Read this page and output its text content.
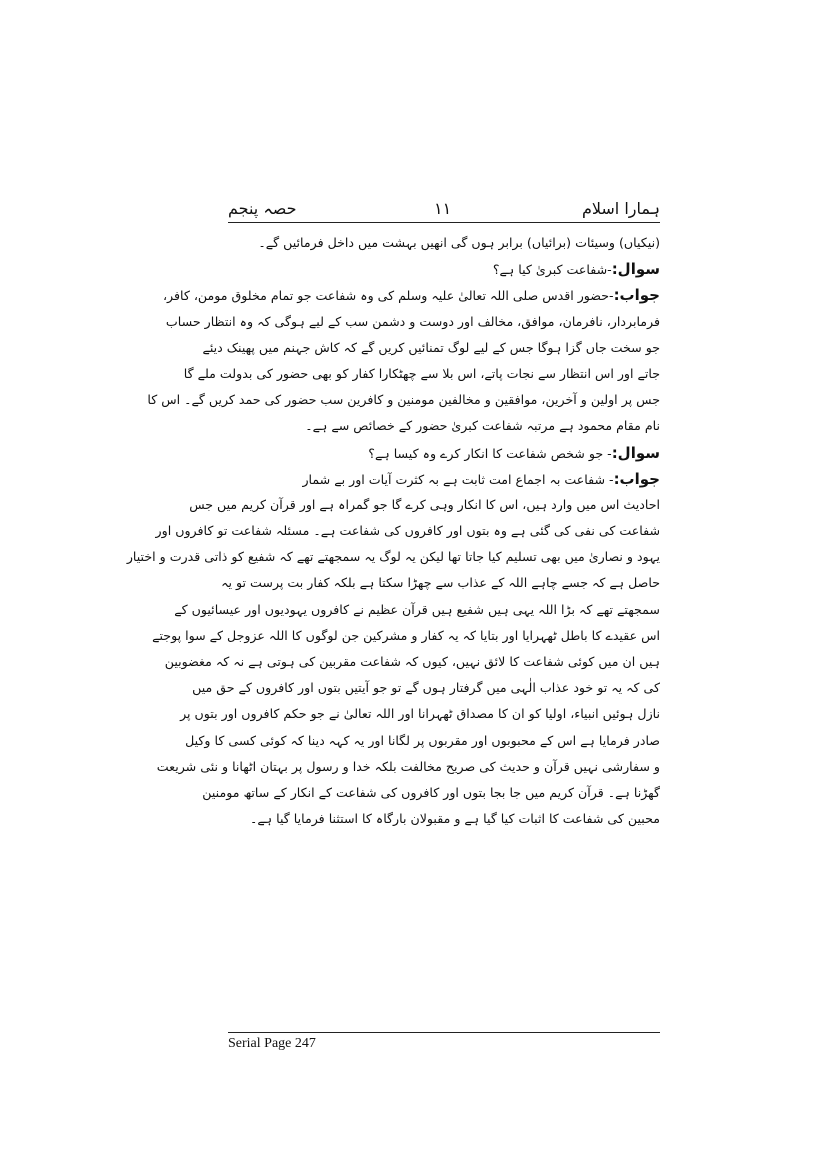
ہمارا اسلام
۱۱
حصہ پنجم
(نیکیاں) وسیئات (برائیاں) برابر ہوں گی انھیں بہشت میں داخل فرمائیں گے۔
سوال:-شفاعت کبریٰ کیا ہے؟
جواب:-حضور اقدس صلی اللہ تعالیٰ علیہ وسلم کی وہ شفاعت جو تمام مخلوق مومن، کافر،
فرمابردار، نافرمان، موافق، مخالف اور دوست و دشمن سب کے لیے ہوگی کہ وہ انتظار حساب
جو سخت جاں گزا ہوگا جس کے لیے لوگ تمنائیں کریں گے کہ کاش جہنم میں پھینک دیئے
جاتے اور اس انتظار سے نجات پاتے، اس بلا سے چھٹکارا کفار کو بھی حضور کی بدولت ملے گا
جس پر اولین و آخرین، موافقین و مخالفین مومنین و کافرین سب حضور کی حمد کریں گے۔ اس کا
نام مقام محمود ہے مرتبہ شفاعت کبریٰ حضور کے خصائص سے ہے۔
سوال:- جو شخص شفاعت کا انکار کرے وہ کیسا ہے؟
جواب:- شفاعت بہ اجماع امت ثابت ہے بہ کثرت آیات اور بے شمار
احادیث اس میں وارد ہیں، اس کا انکار وہی کرے گا جو گمراہ ہے اور قرآن کریم میں جس
شفاعت کی نفی کی گئی ہے وہ بتوں اور کافروں کی شفاعت ہے۔ مسئلہ شفاعت تو کافروں اور
یہود و نصاریٰ میں بھی تسلیم کیا جاتا تھا لیکن یہ لوگ یہ سمجھتے تھے کہ شفیع کو ذاتی قدرت و اختیار
حاصل ہے کہ جسے چاہے اللہ کے عذاب سے چھڑا سکتا ہے بلکہ کفار بت پرست تو یہ
سمجھتے تھے کہ بڑا اللہ یہی ہیں شفیع ہیں قرآن عظیم نے کافروں یہودیوں اور عیسائیوں کے
اس عقیدے کا باطل ٹھہرایا اور بتایا کہ یہ کفار و مشرکین جن لوگوں کا اللہ عزوجل کے سوا پوجتے
ہیں ان میں کوئی شفاعت کا لائق نہیں، کیوں کہ شفاعت مقربین کی ہوتی ہے نہ کہ مغضوبین
کی کہ یہ تو خود عذاب الٰہی میں گرفتار ہوں گے تو جو آیتیں بتوں اور کافروں کے حق میں
نازل ہوئیں انبیاء، اولیا کو ان کا مصداق ٹھہرانا اور اللہ تعالیٰ نے جو حکم کافروں اور بتوں پر
صادر فرمایا ہے اس کے محبوبوں اور مقربوں پر لگانا اور یہ کہہ دینا کہ کوئی کسی کا وکیل
و سفارشی نہیں قرآن و حدیث کی صریح مخالفت بلکہ خدا و رسول پر بہتان اٹھانا و نئی شریعت
گھڑنا ہے۔ قرآن کریم میں جا بجا بتوں اور کافروں کی شفاعت کے انکار کے ساتھ مومنین
محبین کی شفاعت کا اثبات کیا گیا ہے و مقبولان بارگاہ کا استثنا فرمایا گیا ہے۔
Serial Page 247
